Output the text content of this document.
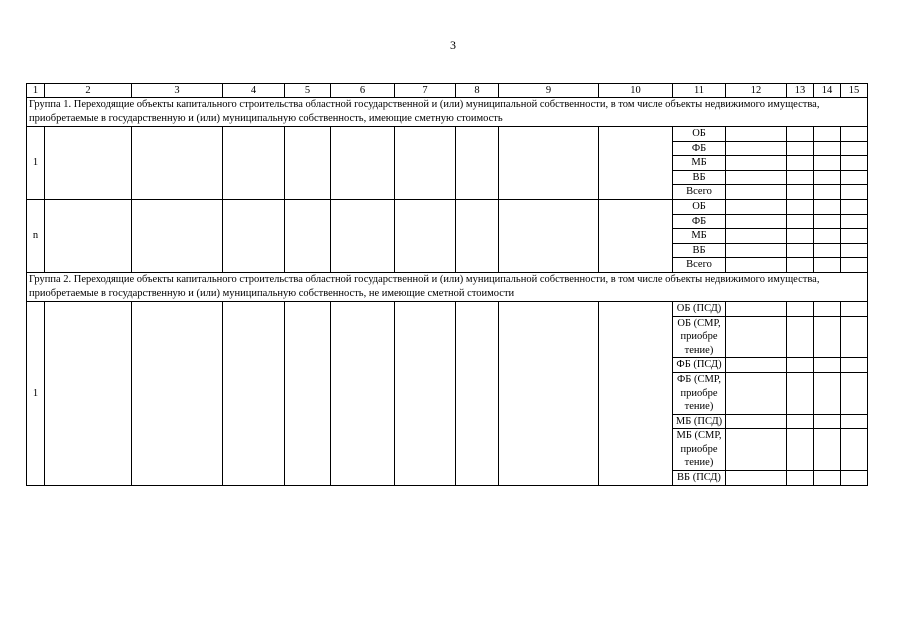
3
1	2	3	4	5	6	7	8	9	10	11	12	13	14	15
Группа 1. Переходящие объекты капитального строительства областной государственной и (или) муниципальной собственности, в том числе объекты недвижимого имущества, приобретаемые в государственную и (или) муниципальную собственность, имеющие сметную стоимость														
1										ОБ				
										ФБ				
										МБ				
										ВБ				
										Всего				
n										ОБ				
										ФБ				
										МБ				
										ВБ				
										Всего				
Группа 2. Переходящие объекты капитального строительства областной государственной и (или) муниципальной собственности, в том числе объекты недвижимого имущества, приобретаемые в государственную и (или) муниципальную собственность, не имеющие сметной стоимости														
1										ОБ (ПСД)				
										ОБ (СМР, приобре тение)				
										ФБ (ПСД)				
										ФБ (СМР, приобре тение)				
										МБ (ПСД)				
										МБ (СМР, приобре тение)				
										ВБ (ПСД)				
